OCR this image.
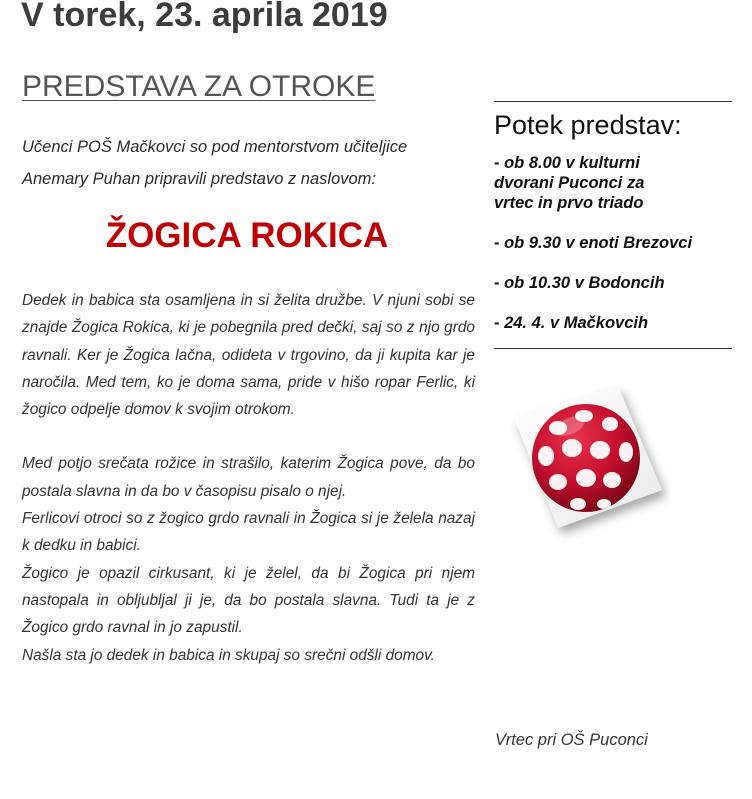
V torek, 23. aprila 2019
PREDSTAVA ZA OTROKE
Učenci POŠ Mačkovci so pod mentorstvom učiteljice
Anemary Puhan pripravili predstavo z naslovom:
ŽOGICA ROKICA

Dedek in babica sta osamljena in si želita družbe. V njuni sobi se znajde Žogica Rokica, ki je pobegnila pred dečki, saj so z njo grdo ravnali. Ker je Žogica lačna, odideta v trgovino, da ji kupita kar je naročila. Med tem, ko je doma sama, pride v hišo ropar Ferlic, ki žogico odpelje domov k svojim otrokom.

Med potjo srečata rožice in strašilo, katerim Žogica pove, da bo postala slavna in da bo v časopisu pisalo o njej.

Ferlicovi otroci so z žogico grdo ravnali in Žogica si je želela nazaj k dedku in babici.

Žogico je opazil cirkusant, ki je želel, da bi Žogica pri njem nastopala in obljubljal ji je, da bo postala slavna. Tudi ta je z Žogico grdo ravnal in jo zapustil.

Našla sta jo dedek in babica in skupaj so srečni odšli domov.

Potek predstav:
- ob 8.00 v kulturni
dvorani Puconci za
vrtec in prvo triado
- ob 9.30 v enoti Brezovci
- ob 10.30 v Bodoncih
- 24. 4. v Mačkovcih

Vrtec pri OŠ Puconci
